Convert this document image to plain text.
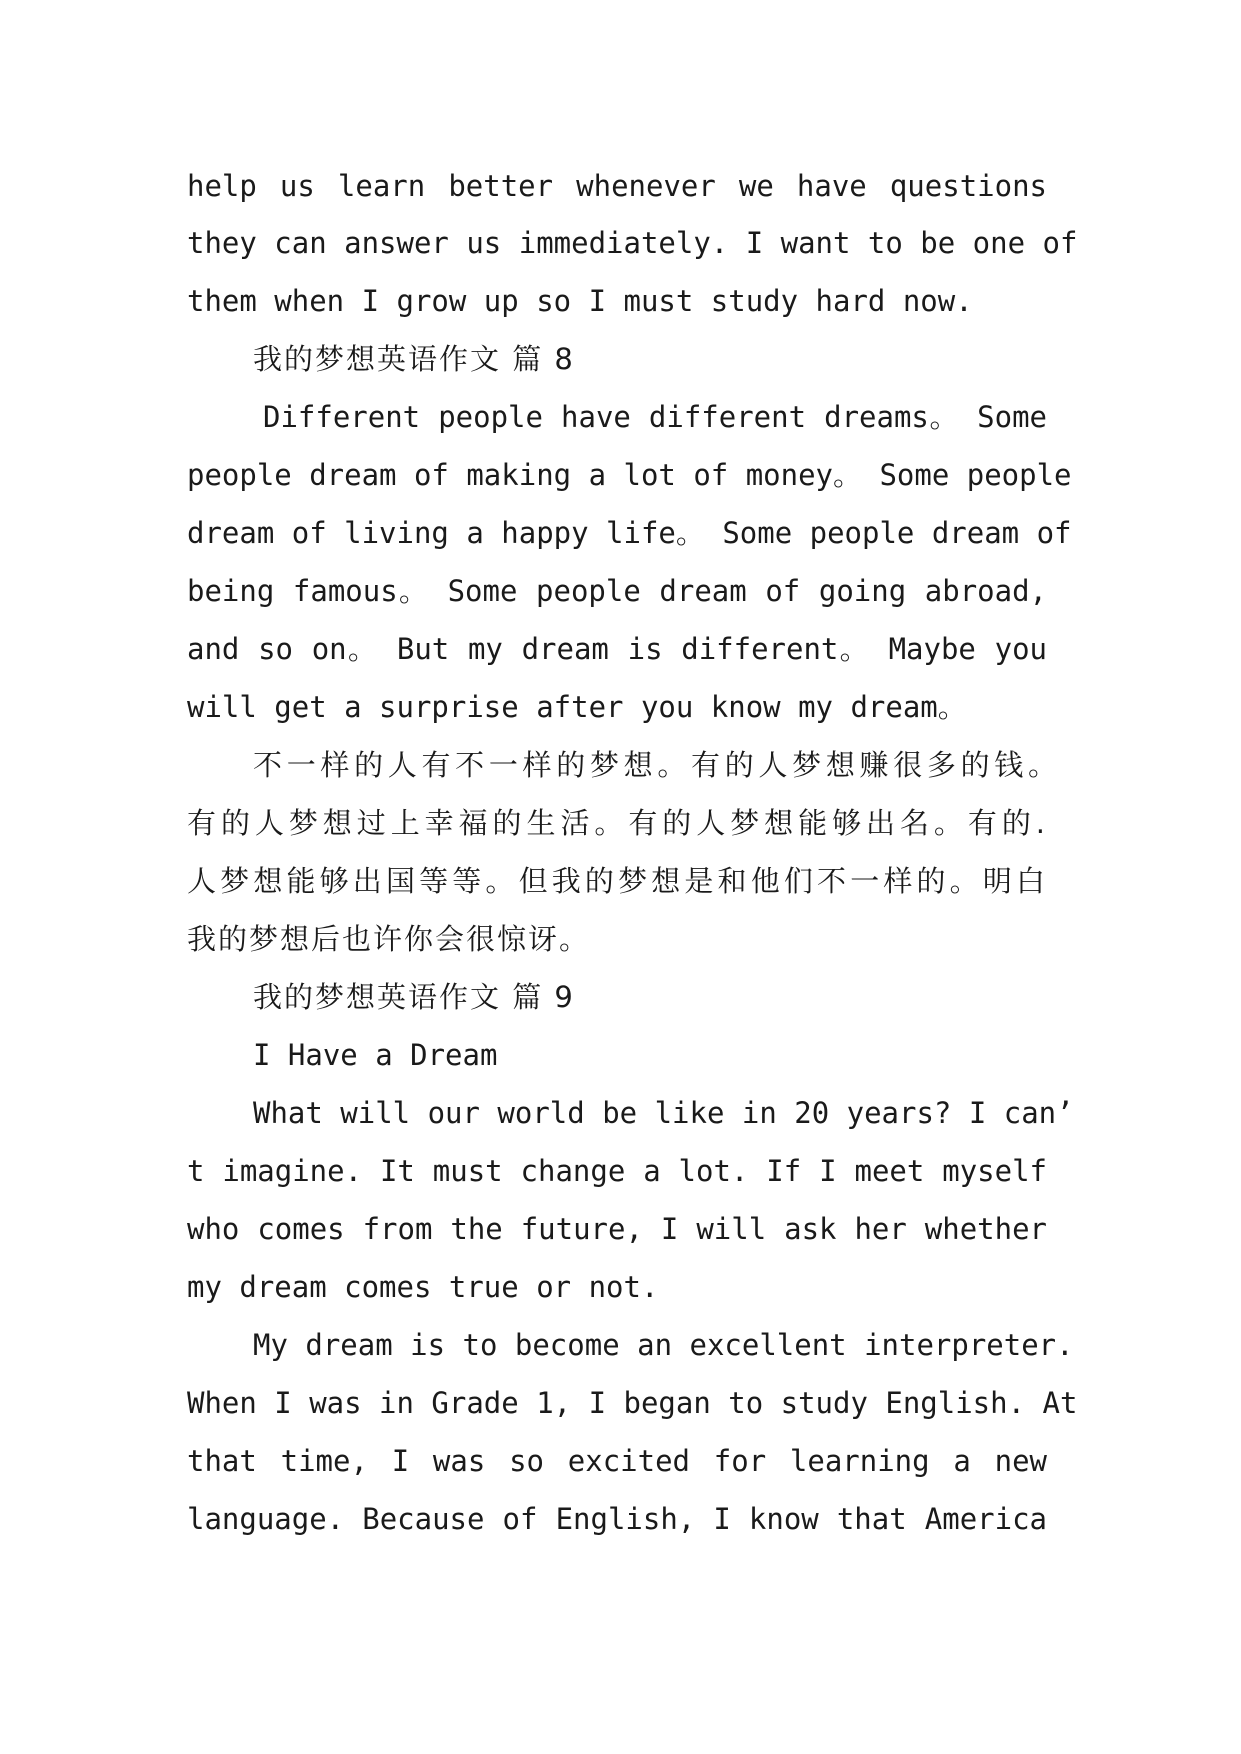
help us learn better whenever we have questions
they can answer us immediately. I want to be one of
them when I grow up so I must study hard now.
我的梦想英语作文 篇 8
Different people have different dreams。 Some
people dream of making a lot of money。 Some people
dream of living a happy life。 Some people dream of
being famous。 Some people dream of going abroad,
and so on。 But my dream is different。 Maybe you
will get a surprise after you know my dream。
不一样的人有不一样的梦想。有的人梦想赚很多的钱。
有的人梦想过上幸福的生活。有的人梦想能够出名。有的.
人梦想能够出国等等。但我的梦想是和他们不一样的。明白
我的梦想后也许你会很惊讶。
我的梦想英语作文 篇 9
I Have a Dream
What will our world be like in 20 years? I can’
t imagine. It must change a lot. If I meet myself
who comes from the future, I will ask her whether
my dream comes true or not.
My dream is to become an excellent interpreter.
When I was in Grade 1, I began to study English. At
that time, I was so excited for learning a new
language. Because of English, I know that America
